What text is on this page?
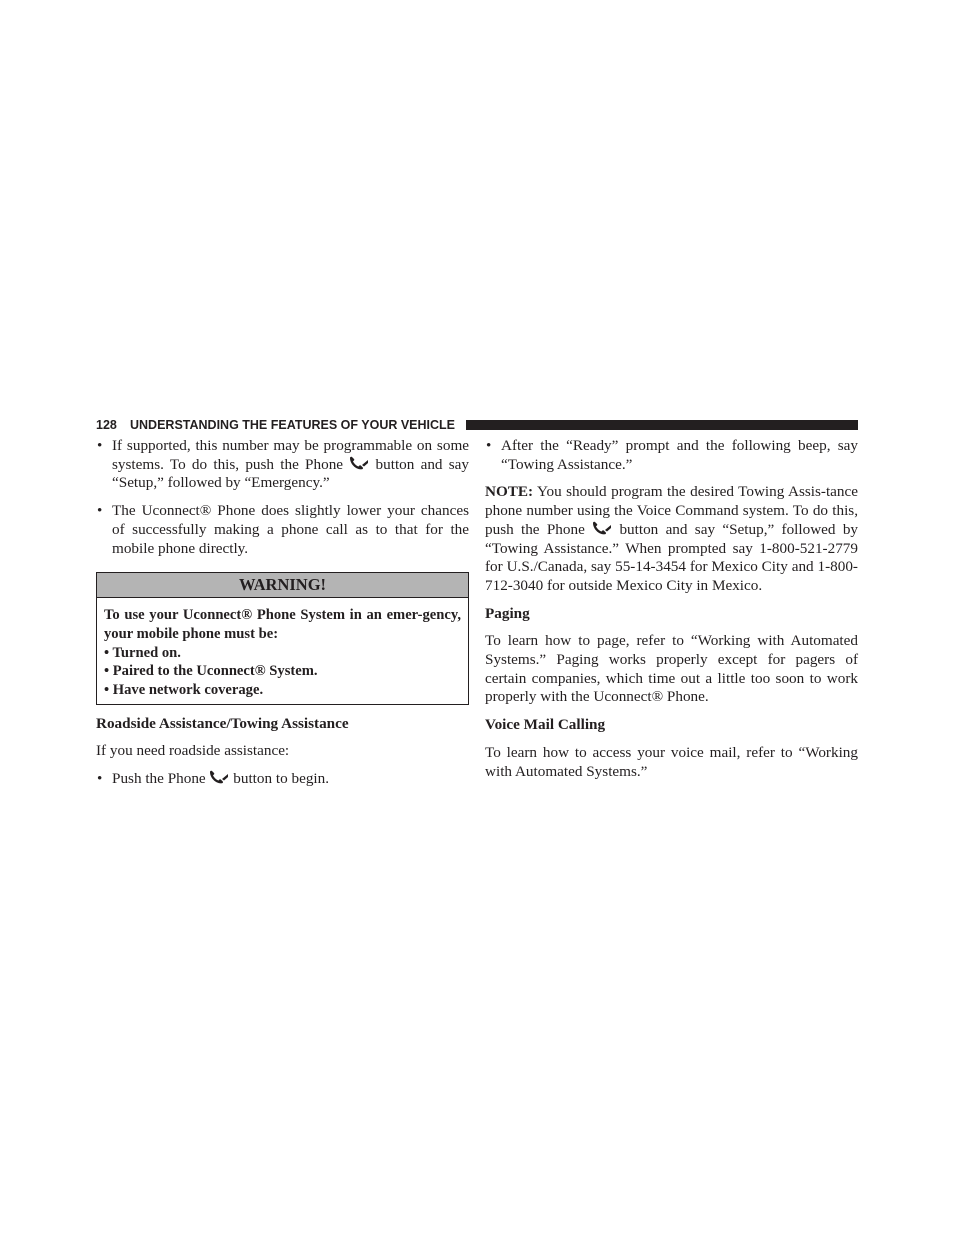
128 UNDERSTANDING THE FEATURES OF YOUR VEHICLE
• If supported, this number may be programmable on some systems. To do this, push the Phone button and say “Setup,” followed by “Emergency.”
• The Uconnect® Phone does slightly lower your chances of successfully making a phone call as to that for the mobile phone directly.
WARNING!
To use your Uconnect® Phone System in an emer-gency, your mobile phone must be:
• Turned on.
• Paired to the Uconnect® System.
• Have network coverage.
Roadside Assistance/Towing Assistance

If you need roadside assistance:

• Push the Phone button to begin.
• After the “Ready” prompt and the following beep, say “Towing Assistance.”

NOTE: You should program the desired Towing Assis-tance phone number using the Voice Command system. To do this, push the Phone button and say “Setup,” followed by “Towing Assistance.” When prompted say 1-800-521-2779 for U.S./Canada, say 55-14-3454 for Mexico City and 1-800-712-3040 for outside Mexico City in Mexico.

Paging

To learn how to page, refer to “Working with Automated Systems.” Paging works properly except for pagers of certain companies, which time out a little too soon to work properly with the Uconnect® Phone.

Voice Mail Calling

To learn how to access your voice mail, refer to “Working with Automated Systems.”
